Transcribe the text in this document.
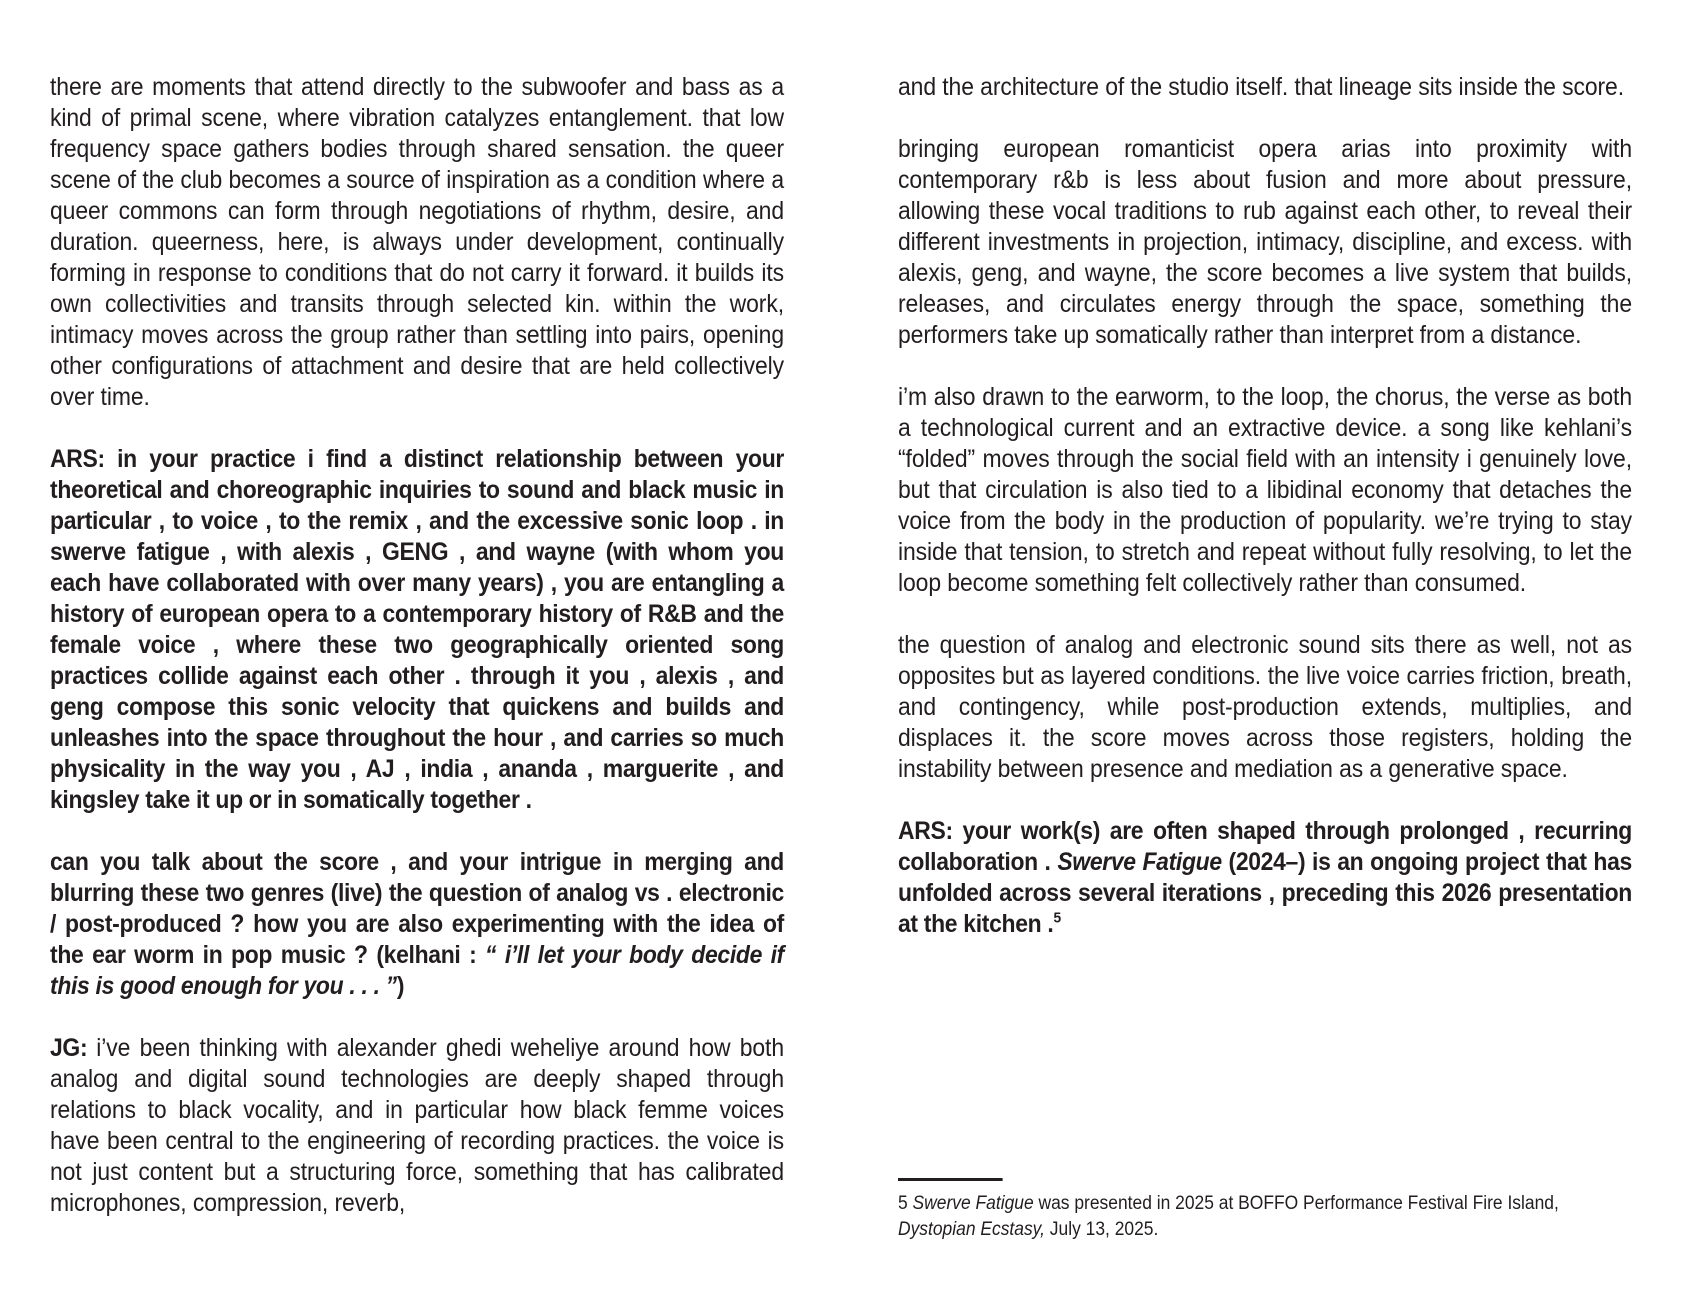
there are moments that attend directly to the subwoofer and bass as a kind of primal scene, where vibration catalyzes entanglement. that low frequency space gathers bodies through shared sensation. the queer scene of the club becomes a source of inspiration as a condition where a queer commons can form through negotiations of rhythm, desire, and duration. queerness, here, is always under development, continually forming in response to conditions that do not carry it forward. it builds its own collectivities and transits through selected kin. within the work, intimacy moves across the group rather than settling into pairs, opening other configurations of attachment and desire that are held collectively over time.

ARS: in your practice i find a distinct relationship between your theoretical and choreographic inquiries to sound and black music in particular , to voice , to the remix , and the excessive sonic loop . in swerve fatigue , with alexis , GENG , and wayne (with whom you each have collaborated with over many years) , you are entangling a history of european opera to a contemporary history of R&B and the female voice , where these two geographically oriented song practices collide against each other . through it you , alexis , and geng compose this sonic velocity that quickens and builds and unleashes into the space throughout the hour , and carries so much physicality in the way you , AJ , india , ananda , marguerite , and kingsley take it up or in somatically together .

can you talk about the score , and your intrigue in merging and blurring these two genres (live) the question of analog vs . electronic / post-produced ? how you are also experimenting with the idea of the ear worm in pop music ? (kelhani : “ i’ll let your body decide if this is good enough for you . . . ”)

JG: i’ve been thinking with alexander ghedi weheliye around how both analog and digital sound technologies are deeply shaped through relations to black vocality, and in particular how black femme voices have been central to the engineering of recording practices. the voice is not just content but a structuring force, something that has calibrated microphones, compression, reverb,

and the architecture of the studio itself. that lineage sits inside the score.

bringing european romanticist opera arias into proximity with contemporary r&b is less about fusion and more about pressure, allowing these vocal traditions to rub against each other, to reveal their different investments in projection, intimacy, discipline, and excess. with alexis, geng, and wayne, the score becomes a live system that builds, releases, and circulates energy through the space, something the performers take up somatically rather than interpret from a distance.

i’m also drawn to the earworm, to the loop, the chorus, the verse as both a technological current and an extractive device. a song like kehlani’s “folded” moves through the social field with an intensity i genuinely love, but that circulation is also tied to a libidinal economy that detaches the voice from the body in the production of popularity. we’re trying to stay inside that tension, to stretch and repeat without fully resolving, to let the loop become something felt collectively rather than consumed.

the question of analog and electronic sound sits there as well, not as opposites but as layered conditions. the live voice carries friction, breath, and contingency, while post-production extends, multiplies, and displaces it. the score moves across those registers, holding the instability between presence and mediation as a generative space.

ARS: your work(s) are often shaped through prolonged , recurring collaboration . Swerve Fatigue (2024–) is an ongoing project that has unfolded across several iterations , preceding this 2026 presentation at the kitchen .$^5$

5 Swerve Fatigue was presented in 2025 at BOFFO Performance Festival Fire Island, Dystopian Ecstasy, July 13, 2025.
